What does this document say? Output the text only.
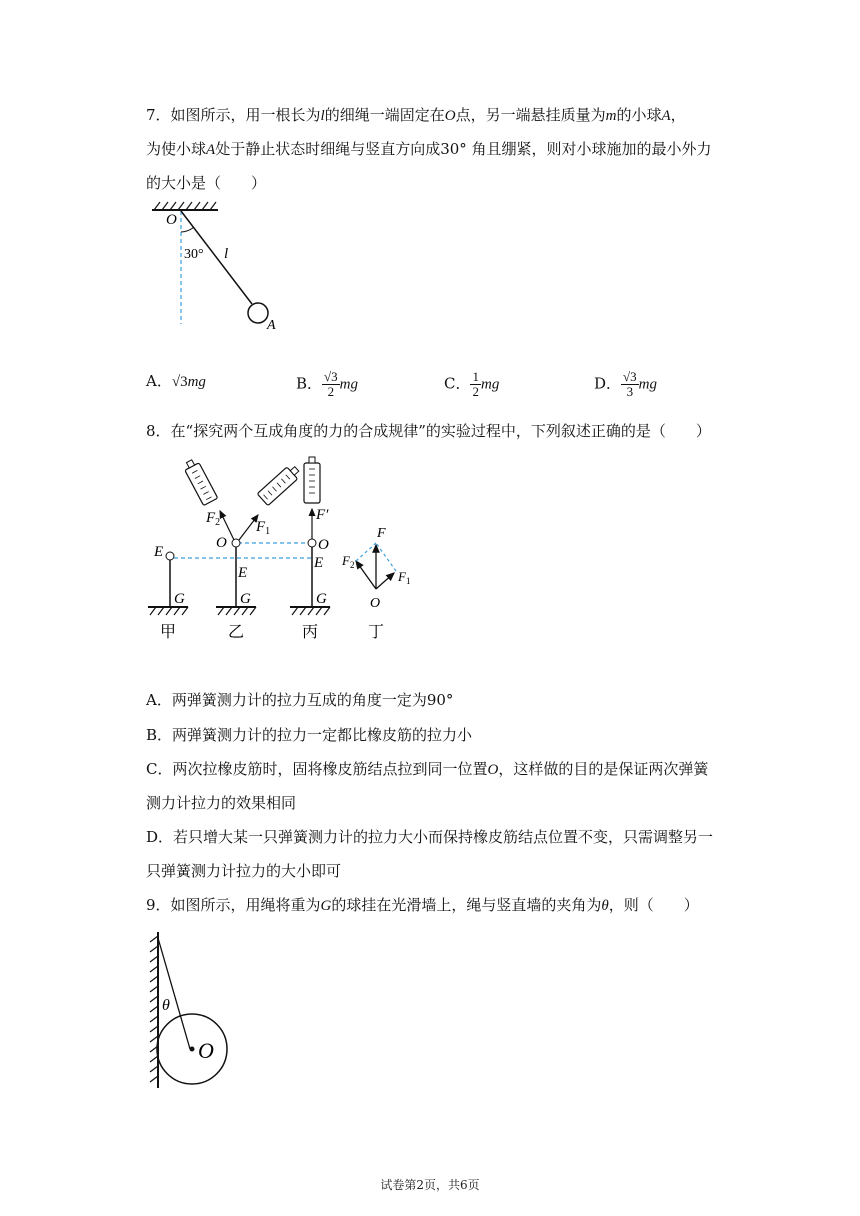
7．如图所示，用一根长为l的细绳一端固定在O点，另一端悬挂质量为m的小球A，
为使小球A处于静止状态时细绳与竖直方向成30° 角且绷紧，则对小球施加的最小外力
的大小是（　　）
O
30° l
A
A．√3mg	B． $\frac{√3}{2}$ mg	C． $\frac{1}{2}$ mg	D． $\frac{√3}{3}$ mg
8．在“探究两个互成角度的力的合成规律”的实验过程中，下列叙述正确的是（　　）
E
G
O
E
G
$F_2$ $F_1$
F′
O
E
G
F
$F_2$
$F_1$
O
甲	乙	丙	丁
A．两弹簧测力计的拉力互成的角度一定为90°
B．两弹簧测力计的拉力一定都比橡皮筋的拉力小
C．两次拉橡皮筋时，固将橡皮筋结点拉到同一位置O，这样做的目的是保证两次弹簧
测力计拉力的效果相同
D．若只增大某一只弹簧测力计的拉力大小而保持橡皮筋结点位置不变，只需调整另一
只弹簧测力计拉力的大小即可
9．如图所示，用绳将重为G的球挂在光滑墙上，绳与竖直墙的夹角为θ，则（　　）
θ
O
试卷第2页，共6页
